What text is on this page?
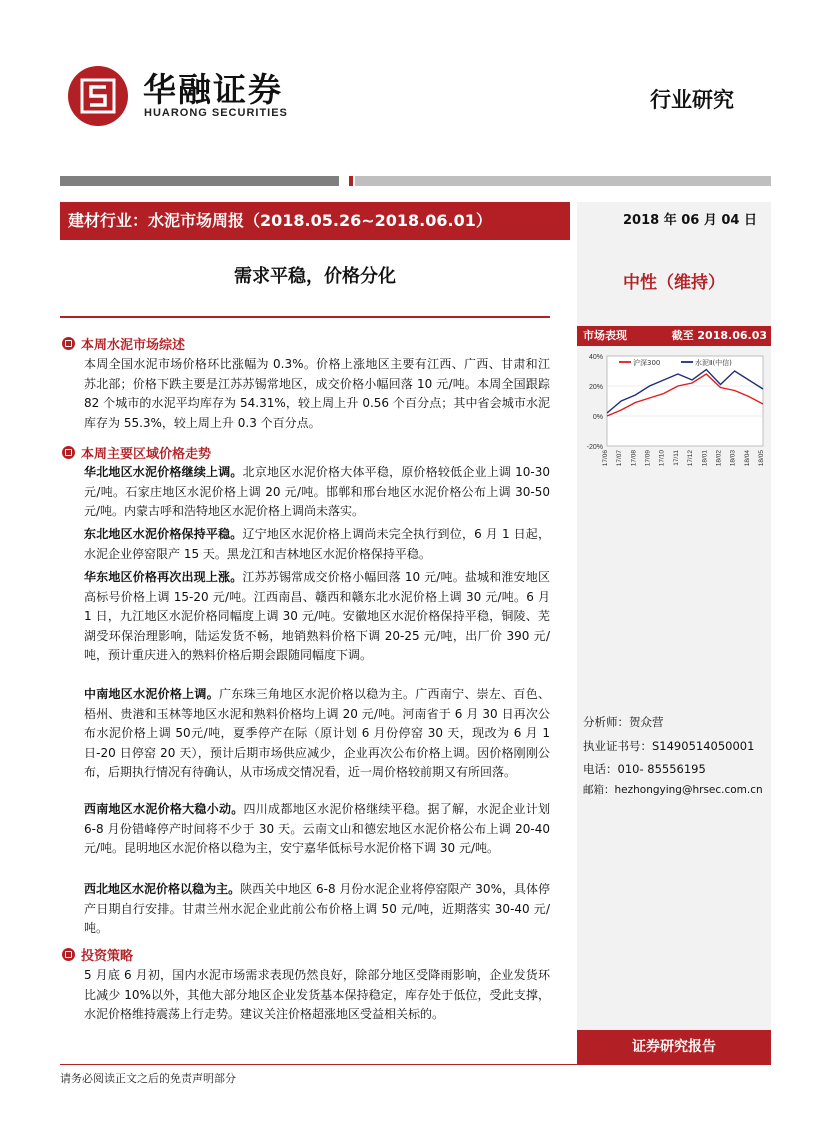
华融证券
HUARONG SECURITIES
行业研究
建材行业：水泥市场周报（2018.05.26~2018.06.01）	2018 年 06 月 04 日
需求平稳，价格分化	中性（维持）
本周水泥市场综述
本周全国水泥市场价格环比涨幅为 0.3%。价格上涨地区主要有江西、广西、甘肃和江苏北部；价格下跌主要是江苏苏锡常地区，成交价格小幅回落 10 元/吨。本周全国跟踪 82 个城市的水泥平均库存为 54.31%，较上周上升 0.56 个百分点；其中省会城市水泥库存为 55.3%，较上周上升 0.3 个百分点。
本周主要区域价格走势
华北地区水泥价格继续上调。北京地区水泥价格大体平稳，原价格较低企业上调 10-30 元/吨。石家庄地区水泥价格上调 20 元/吨。邯郸和邢台地区水泥价格公布上调 30-50 元/吨。内蒙古呼和浩特地区水泥价格上调尚未落实。
东北地区水泥价格保持平稳。辽宁地区水泥价格上调尚未完全执行到位，6 月 1 日起，水泥企业停窑限产 15 天。黑龙江和吉林地区水泥价格保持平稳。
华东地区价格再次出现上涨。江苏苏锡常成交价格小幅回落 10 元/吨。盐城和淮安地区高标号价格上调 15-20 元/吨。江西南昌、赣西和赣东北水泥价格上调 30 元/吨。6 月 1 日，九江地区水泥价格同幅度上调 30 元/吨。安徽地区水泥价格保持平稳，铜陵、芜湖受环保治理影响，陆运发货不畅，地销熟料价格下调 20-25 元/吨，出厂价 390 元/吨，预计重庆进入的熟料价格后期会跟随同幅度下调。
中南地区水泥价格上调。广东珠三角地区水泥价格以稳为主。广西南宁、崇左、百色、梧州、贵港和玉林等地区水泥和熟料价格均上调 20 元/吨。河南省于 6 月 30 日再次公布水泥价格上调 50元/吨，夏季停产在际（原计划 6 月份停窑 30 天，现改为 6 月 1 日-20 日停窑 20 天），预计后期市场供应减少，企业再次公布价格上调。因价格刚刚公布，后期执行情况有待确认，从市场成交情况看，近一周价格较前期又有所回落。
西南地区水泥价格大稳小动。四川成都地区水泥价格继续平稳。据了解，水泥企业计划 6-8 月份错峰停产时间将不少于 30 天。云南文山和德宏地区水泥价格公布上调 20-40 元/吨。昆明地区水泥价格以稳为主，安宁嘉华低标号水泥价格下调 30 元/吨。
西北地区水泥价格以稳为主。陕西关中地区 6-8 月份水泥企业将停窑限产 30%，具体停产日期自行安排。甘肃兰州水泥企业此前公布价格上调 50 元/吨，近期落实 30-40 元/吨。
投资策略
5 月底 6 月初，国内水泥市场需求表现仍然良好，除部分地区受降雨影响，企业发货环比减少 10%以外，其他大部分地区企业发货基本保持稳定，库存处于低位，受此支撑，水泥价格维持震荡上行走势。建议关注价格超涨地区受益相关标的。
市场表现	截至 2018.06.03
40%
20%
0%
-20%
17/06 17/07 17/08 17/09 17/10 17/11 17/12 18/01 18/02 18/03 18/04 18/05
沪深300	水泥Ⅱ(中信)
分析师：贺众营
执业证书号：S1490514050001
电话：010- 85556195
邮箱：hezhongying@hrsec.com.cn
证券研究报告
请务必阅读正文之后的免责声明部分
